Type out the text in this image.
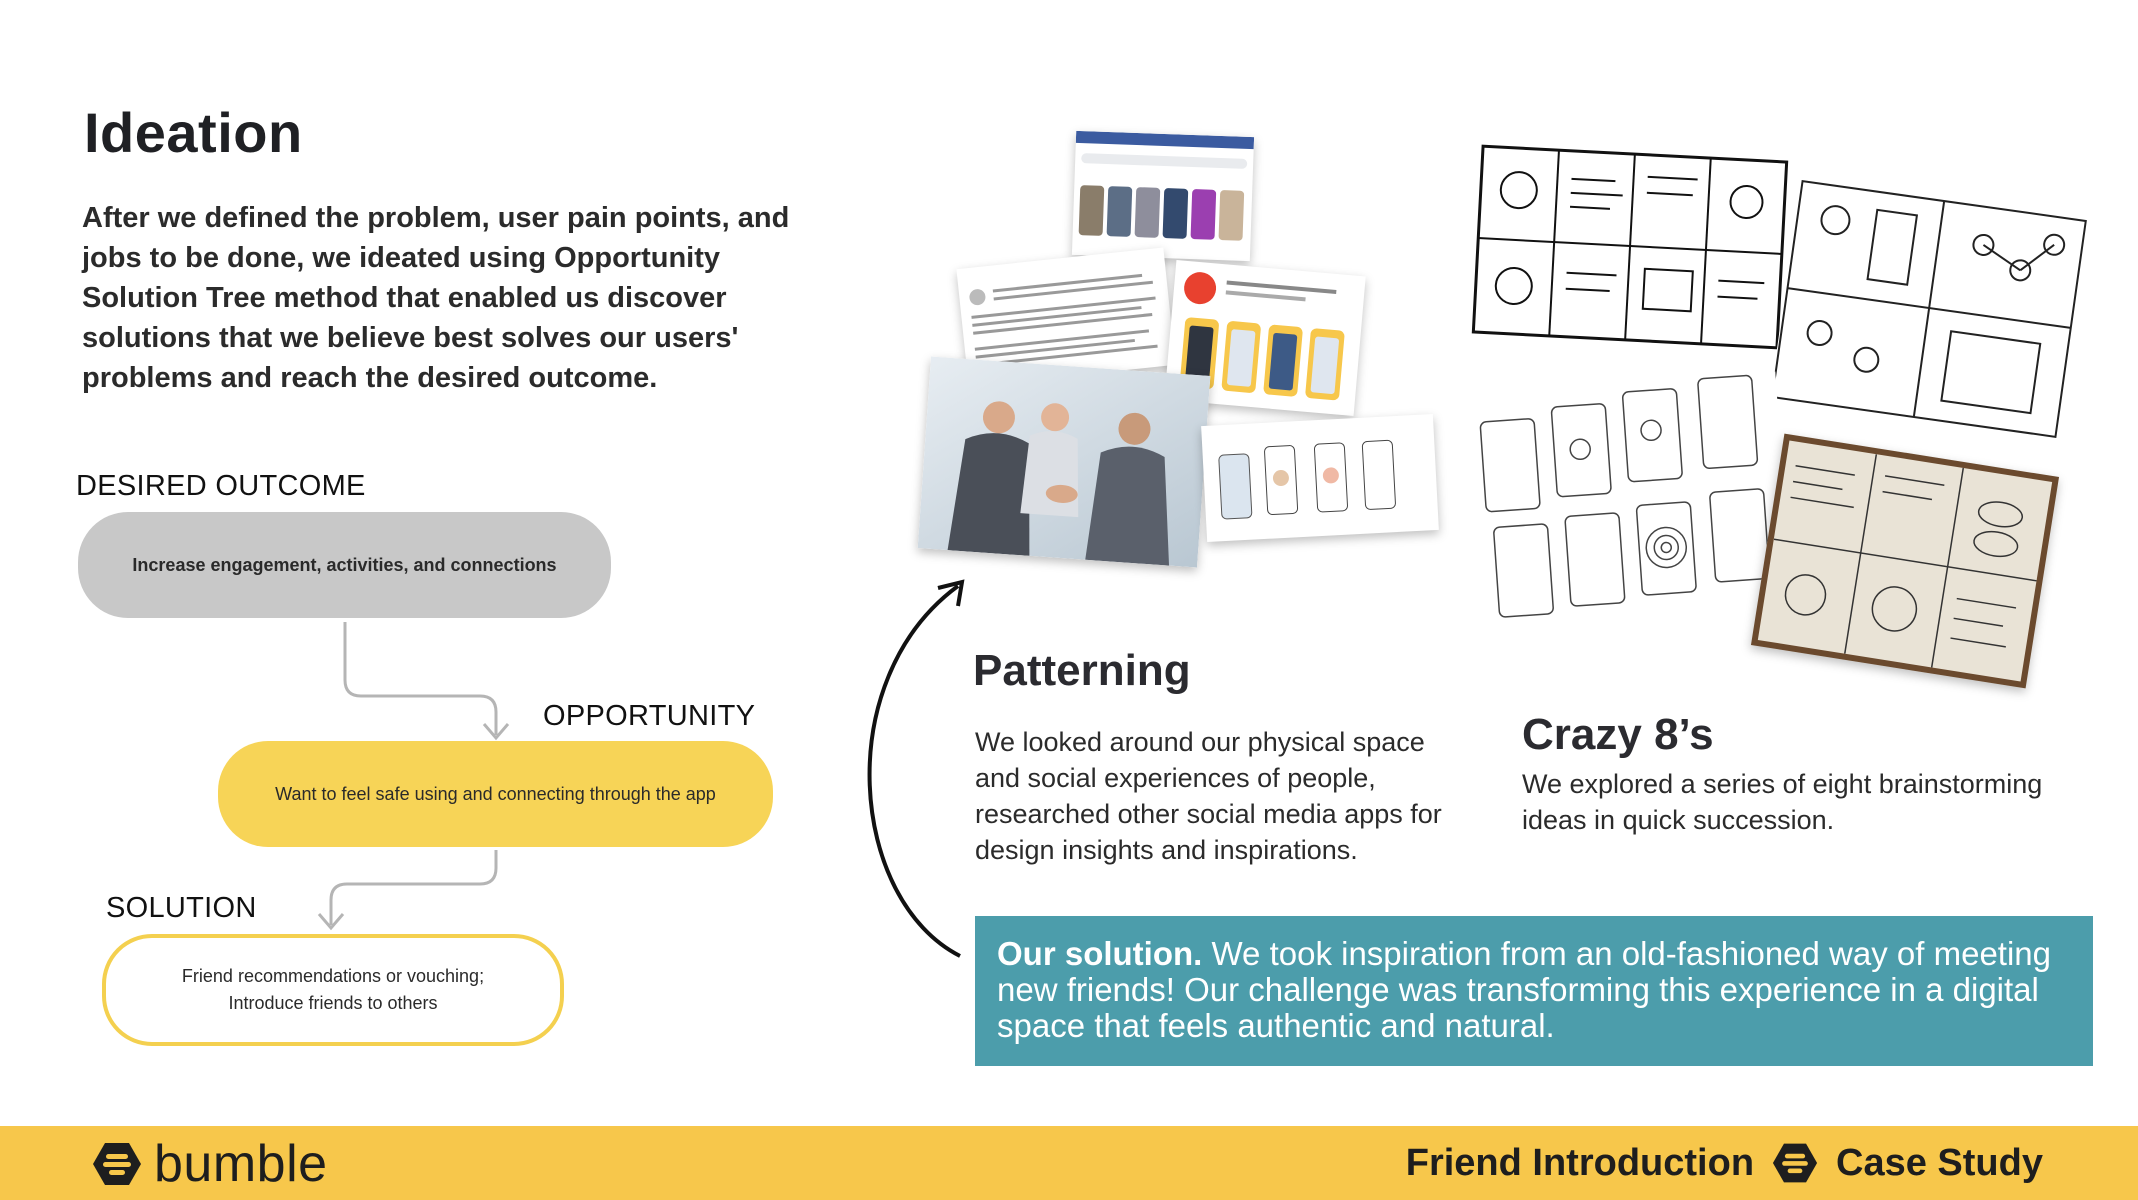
Ideation
After we defined the problem, user pain points, and jobs to be done, we ideated using Opportunity Solution Tree method that enabled us discover solutions that we believe best solves our users' problems and reach the desired outcome.
DESIRED OUTCOME
Increase engagement, activities, and connections
OPPORTUNITY
Want to feel safe using and connecting through the app
SOLUTION
Friend recommendations or vouching;
Introduce friends to others
Patterning
We looked around our physical space and social experiences of people, researched other social media apps for design insights and inspirations.
Crazy 8’s
We explored a series of eight brainstorming ideas in quick succession.
Our solution. We took inspiration from an old-fashioned way of meeting new friends! Our challenge was transforming this experience in a digital space that feels authentic and natural.
bumble	Friend Introduction Case Study
